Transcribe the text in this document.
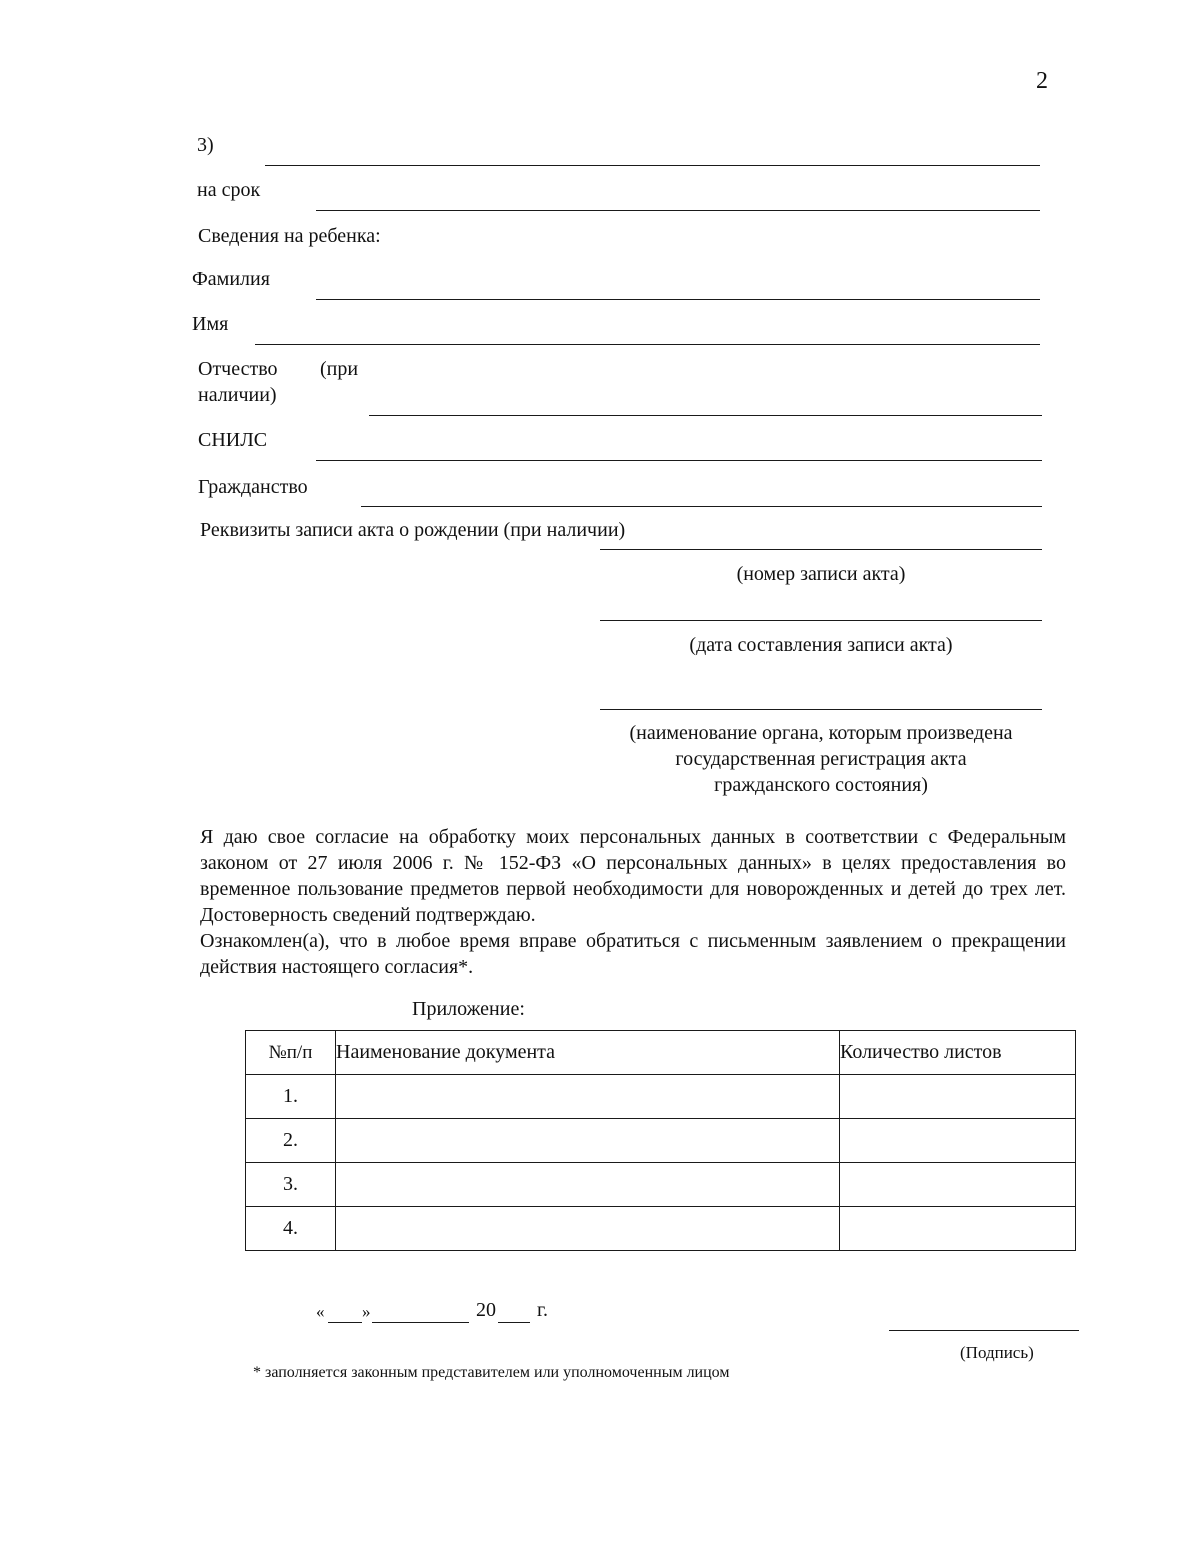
2
3)
на срок
Сведения на ребенка:
Фамилия
Имя
Отчество (при
наличии)
СНИЛС
Гражданство
Реквизиты записи акта о рождении (при наличии)
(номер записи акта)
(дата составления записи акта)
(наименование органа, которым произведена
государственная регистрация акта
гражданского состояния)

Я даю свое согласие на обработку моих персональных данных в соответствии с Федеральным законом от 27 июля 2006 г. № 152-ФЗ «О персональных данных» в целях предоставления во временное пользование предметов первой необходимости для новорожденных и детей до трех лет. Достоверность сведений подтверждаю.

Ознакомлен(а), что в любое время вправе обратиться с письменным заявлением о прекращении действия настоящего согласия*.

Приложение:
№п/п	Наименование документа	Количество листов
1.		
2.		
3.		
4.		
« »	20 г.
(Подпись)
* заполняется законным представителем или уполномоченным лицом
